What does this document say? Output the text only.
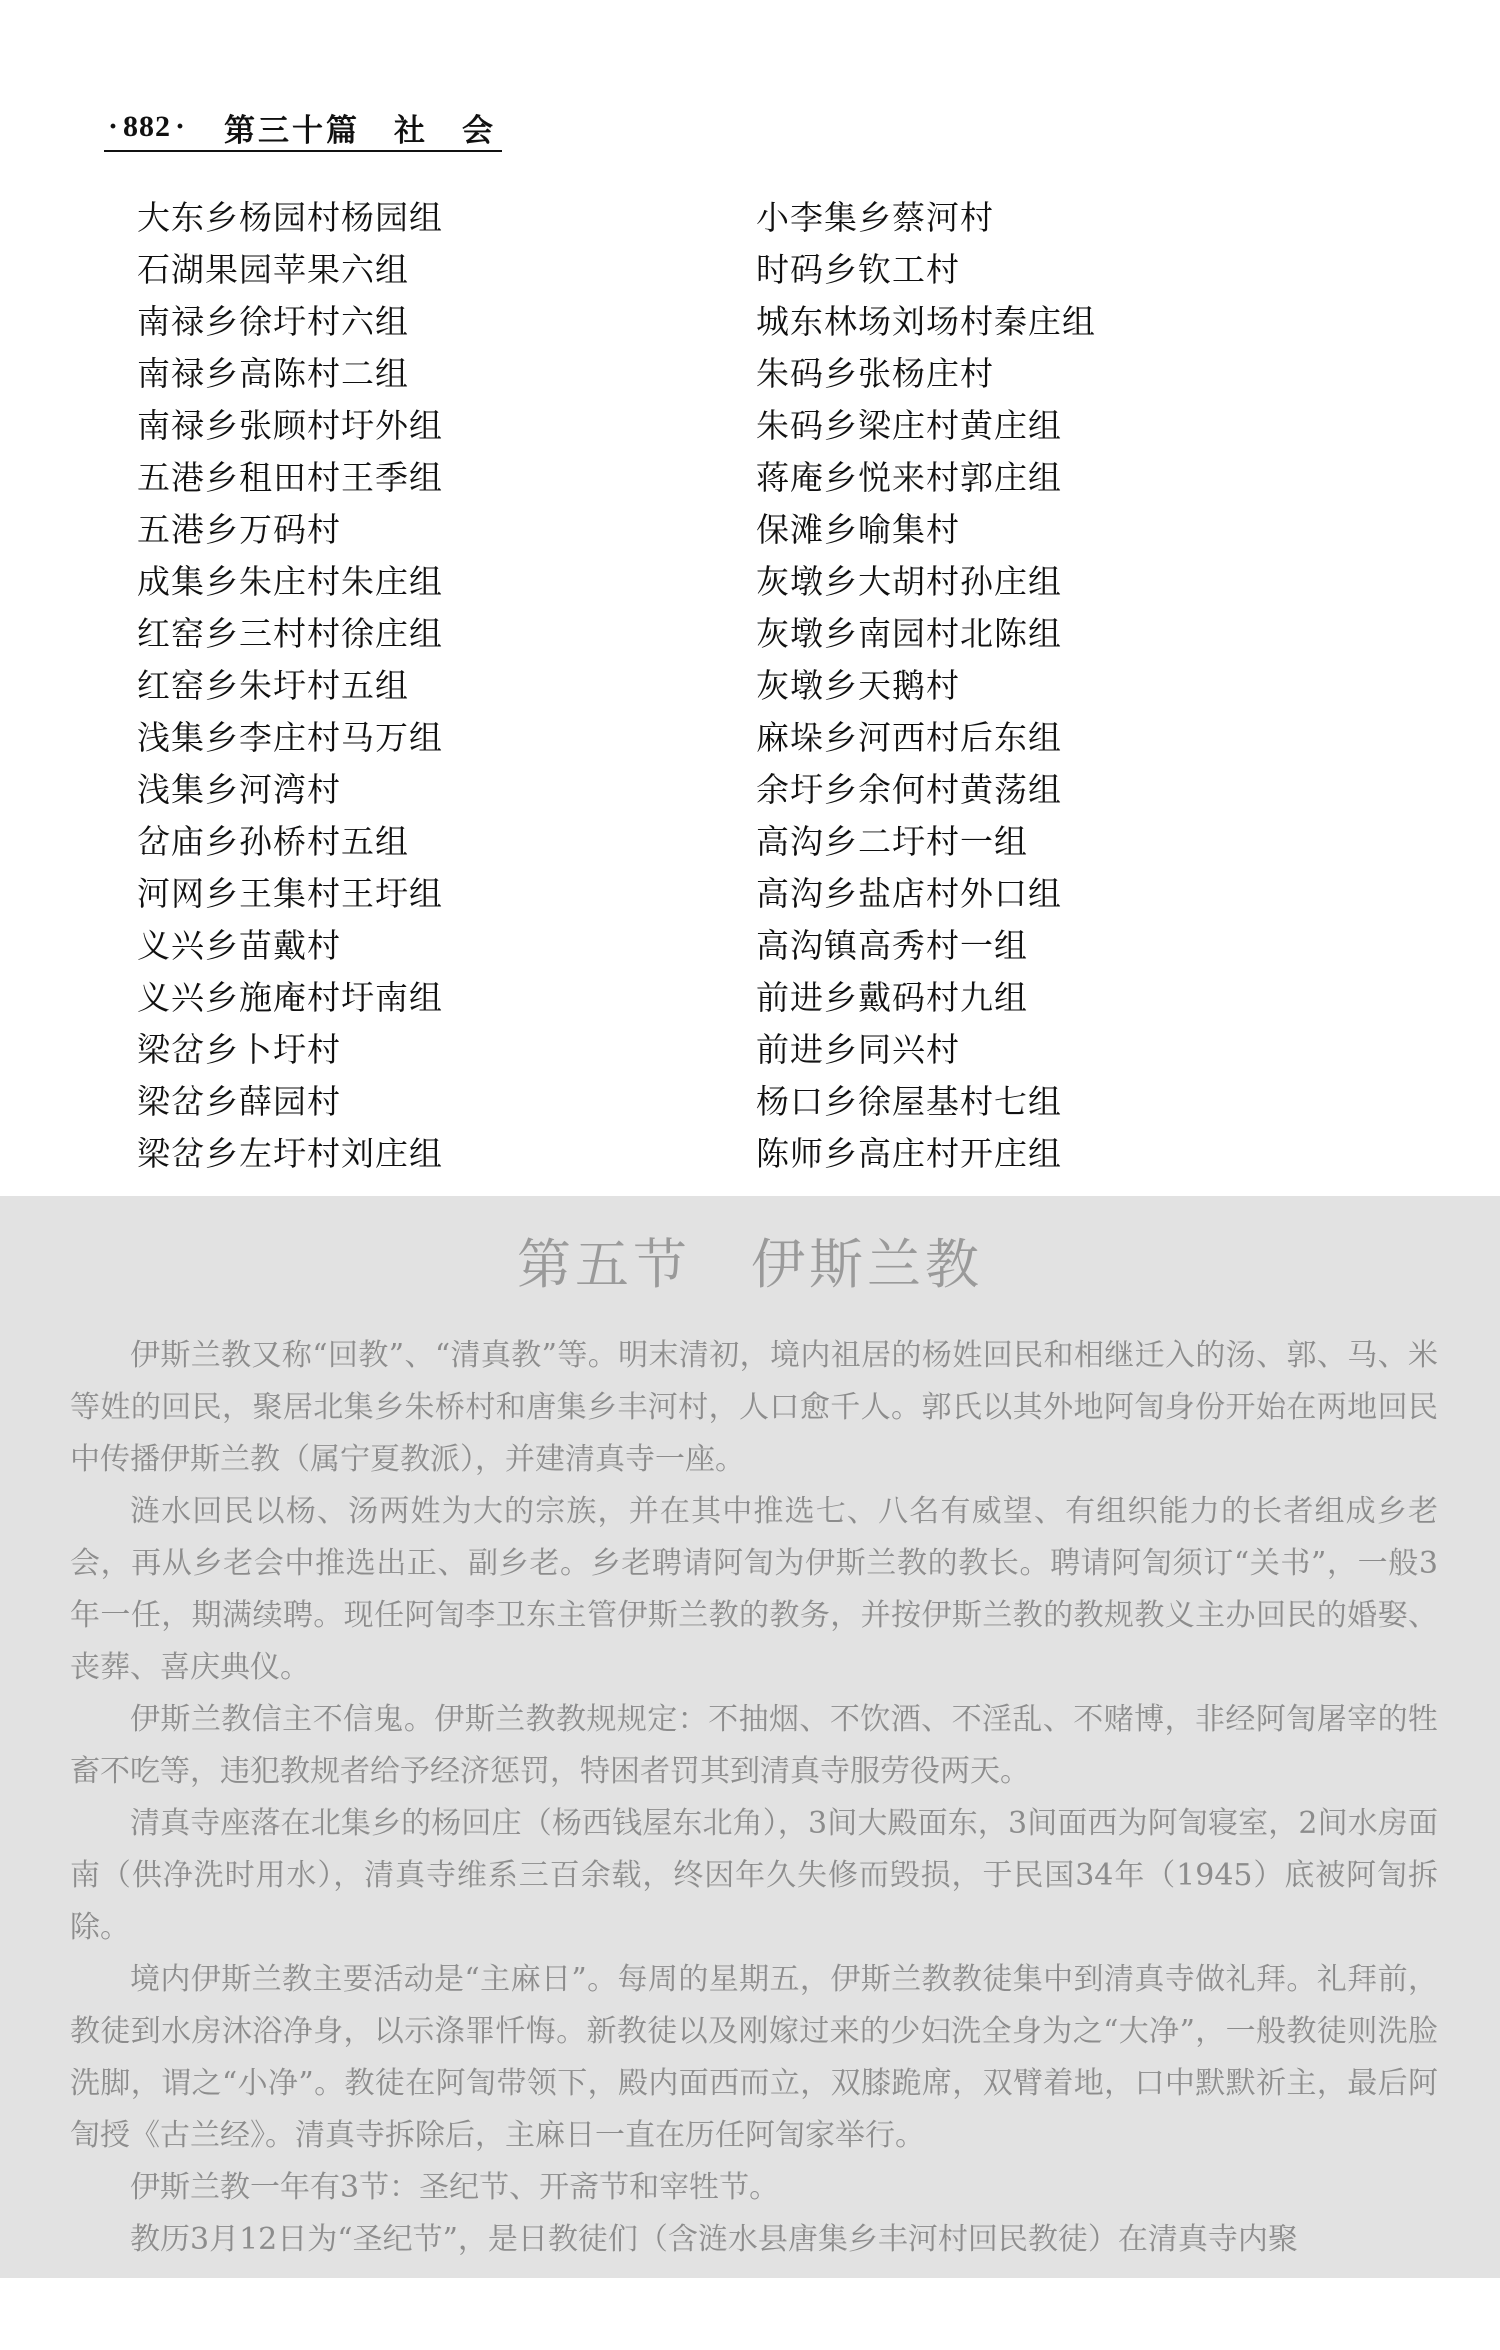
· 882 · 第三十篇　社　会
大东乡杨园村杨园组
石湖果园苹果六组
南禄乡徐圩村六组
南禄乡高陈村二组
南禄乡张顾村圩外组
五港乡租田村王季组
五港乡万码村
成集乡朱庄村朱庄组
红窑乡三村村徐庄组
红窑乡朱圩村五组
浅集乡李庄村马万组
浅集乡河湾村
岔庙乡孙桥村五组
河网乡王集村王圩组
义兴乡苗戴村
义兴乡施庵村圩南组
梁岔乡卜圩村
梁岔乡薛园村
梁岔乡左圩村刘庄组
小李集乡蔡河村
时码乡钦工村
城东林场刘场村秦庄组
朱码乡张杨庄村
朱码乡梁庄村黄庄组
蒋庵乡悦来村郭庄组
保滩乡喻集村
灰墩乡大胡村孙庄组
灰墩乡南园村北陈组
灰墩乡天鹅村
麻垛乡河西村后东组
余圩乡余何村黄荡组
高沟乡二圩村一组
高沟乡盐店村外口组
高沟镇高秀村一组
前进乡戴码村九组
前进乡同兴村
杨口乡徐屋基村七组
陈师乡高庄村开庄组
第五节 伊斯兰教

伊斯兰教又称“回教”、“清真教”等。明末清初，境内祖居的杨姓回民和相继迁入的汤、郭、马、米等姓的回民，聚居北集乡朱桥村和唐集乡丰河村，人口愈千人。郭氏以其外地阿訇身份开始在两地回民中传播伊斯兰教（属宁夏教派），并建清真寺一座。

涟水回民以杨、汤两姓为大的宗族，并在其中推选七、八名有威望、有组织能力的长者组成乡老会，再从乡老会中推选出正、副乡老。乡老聘请阿訇为伊斯兰教的教长。聘请阿訇须订“关书”，一般3年一任，期满续聘。现任阿訇李卫东主管伊斯兰教的教务，并按伊斯兰教的教规教义主办回民的婚娶、丧葬、喜庆典仪。

伊斯兰教信主不信鬼。伊斯兰教教规规定：不抽烟、不饮酒、不淫乱、不赌博，非经阿訇屠宰的牲畜不吃等，违犯教规者给予经济惩罚，特困者罚其到清真寺服劳役两天。

清真寺座落在北集乡的杨回庄（杨西钱屋东北角），3间大殿面东，3间面西为阿訇寝室，2间水房面南（供净洗时用水），清真寺维系三百余载，终因年久失修而毁损，于民国34年（1945）底被阿訇拆除。

境内伊斯兰教主要活动是“主麻日”。每周的星期五，伊斯兰教教徒集中到清真寺做礼拜。礼拜前，教徒到水房沐浴净身，以示涤罪忏悔。新教徒以及刚嫁过来的少妇洗全身为之“大净”，一般教徒则洗脸洗脚，谓之“小净”。教徒在阿訇带领下，殿内面西而立，双膝跪席，双臂着地，口中默默祈主，最后阿訇授《古兰经》。清真寺拆除后，主麻日一直在历任阿訇家举行。

伊斯兰教一年有3节：圣纪节、开斋节和宰牲节。

教历3月12日为“圣纪节”，是日教徒们（含涟水县唐集乡丰河村回民教徒）在清真寺内聚
